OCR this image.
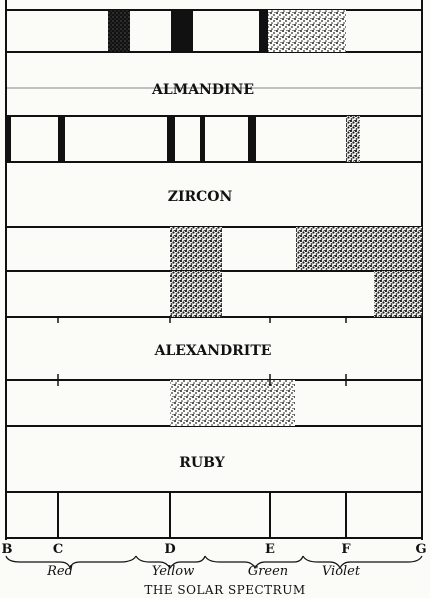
ALMANDINE
ZIRCON
ALEXANDRITE
RUBY
B	C	D	E	F	G
Red	Yellow	Green	Violet
THE SOLAR SPECTRUM
